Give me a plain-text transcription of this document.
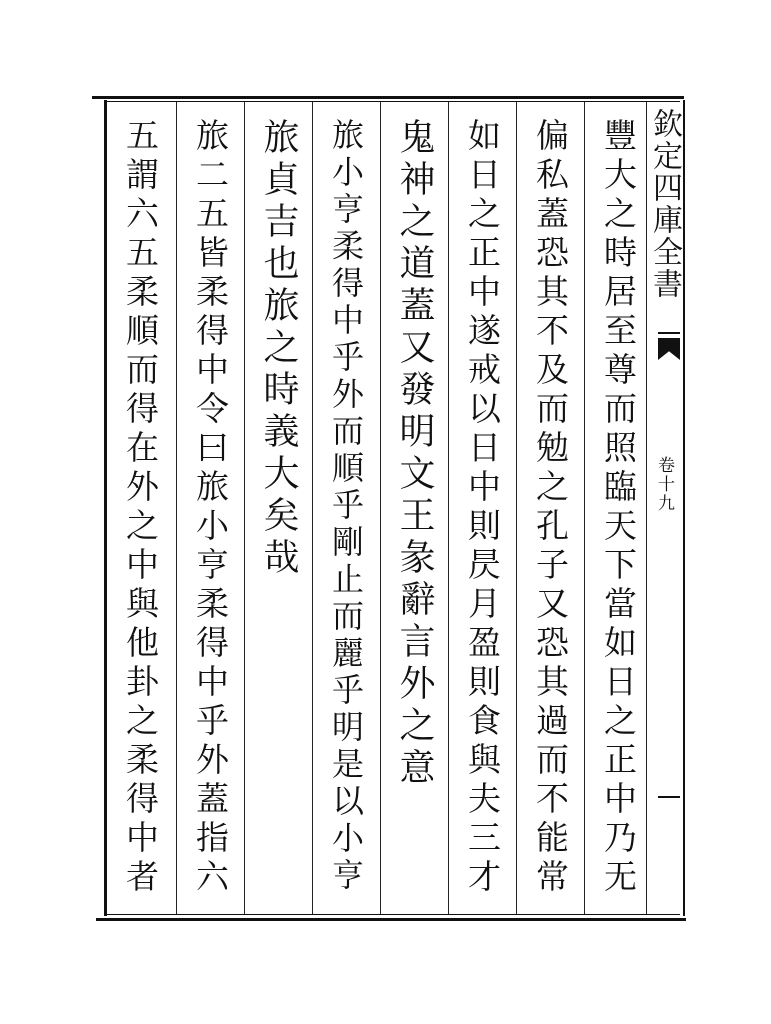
欽定四庫全書
卷十九
豐大之時居至尊而照臨天下當如日之正中乃无
偏私蓋恐其不及而勉之孔子又恐其過而不能常
如日之正中遂戒以日中則昃月盈則食與夫三才
鬼神之道蓋又發明文王彖辭言外之意
旅小亨柔得中乎外而順乎剛止而麗乎明是以小亨
旅貞吉也旅之時義大矣哉
旅二五皆柔得中令曰旅小亨柔得中乎外蓋指六
五謂六五柔順而得在外之中與他卦之柔得中者
